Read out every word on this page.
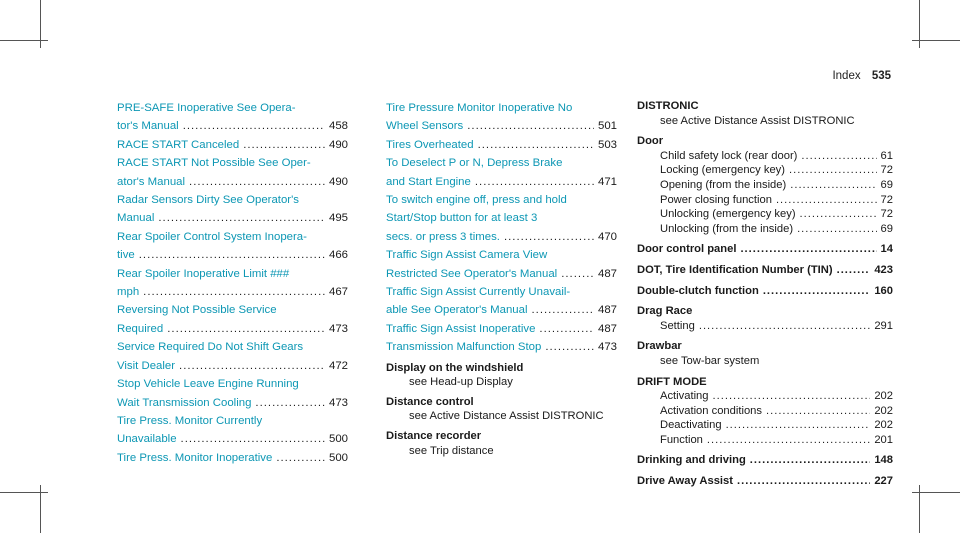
Index 535
PRE-SAFE Inoperative See Opera-
tor's Manual .....	458
RACE START Canceled .....	490
RACE START Not Possible See Oper-
ator's Manual .....	490
Radar Sensors Dirty See Operator's
Manual .....	495
Rear Spoiler Control System Inopera-
tive .....	466
Rear Spoiler Inoperative Limit ###
mph .....	467
Reversing Not Possible Service
Required .....	473
Service Required Do Not Shift Gears
Visit Dealer .....	472
Stop Vehicle Leave Engine Running
Wait Transmission Cooling .....	473
Tire Press. Monitor Currently
Unavailable .....	500
Tire Press. Monitor Inoperative .....	500
Tire Pressure Monitor Inoperative No
Wheel Sensors .....	501
Tires Overheated .....	503
To Deselect P or N, Depress Brake
and Start Engine .....	471
To switch engine off, press and hold
Start/Stop button for at least 3
secs. or press 3 times. .....	470
Traffic Sign Assist Camera View
Restricted See Operator's Manual .....	487
Traffic Sign Assist Currently Unavail-
able See Operator's Manual .....	487
Traffic Sign Assist Inoperative .....	487
Transmission Malfunction Stop .....	473
Display on the windshield
see Head-up Display
Distance control
see Active Distance Assist DISTRONIC
Distance recorder
see Trip distance
DISTRONIC
see Active Distance Assist DISTRONIC
Door
Child safety lock (rear door) .....	61
Locking (emergency key) .....	72
Opening (from the inside) .....	69
Power closing function .....	72
Unlocking (emergency key) .....	72
Unlocking (from the inside) .....	69
Door control panel .....	14
DOT, Tire Identification Number (TIN) .....	423
Double-clutch function .....	160
Drag Race
Setting .....	291
Drawbar
see Tow-bar system
DRIFT MODE
Activating .....	202
Activation conditions .....	202
Deactivating .....	202
Function .....	201
Drinking and driving .....	148
Drive Away Assist .....	227
